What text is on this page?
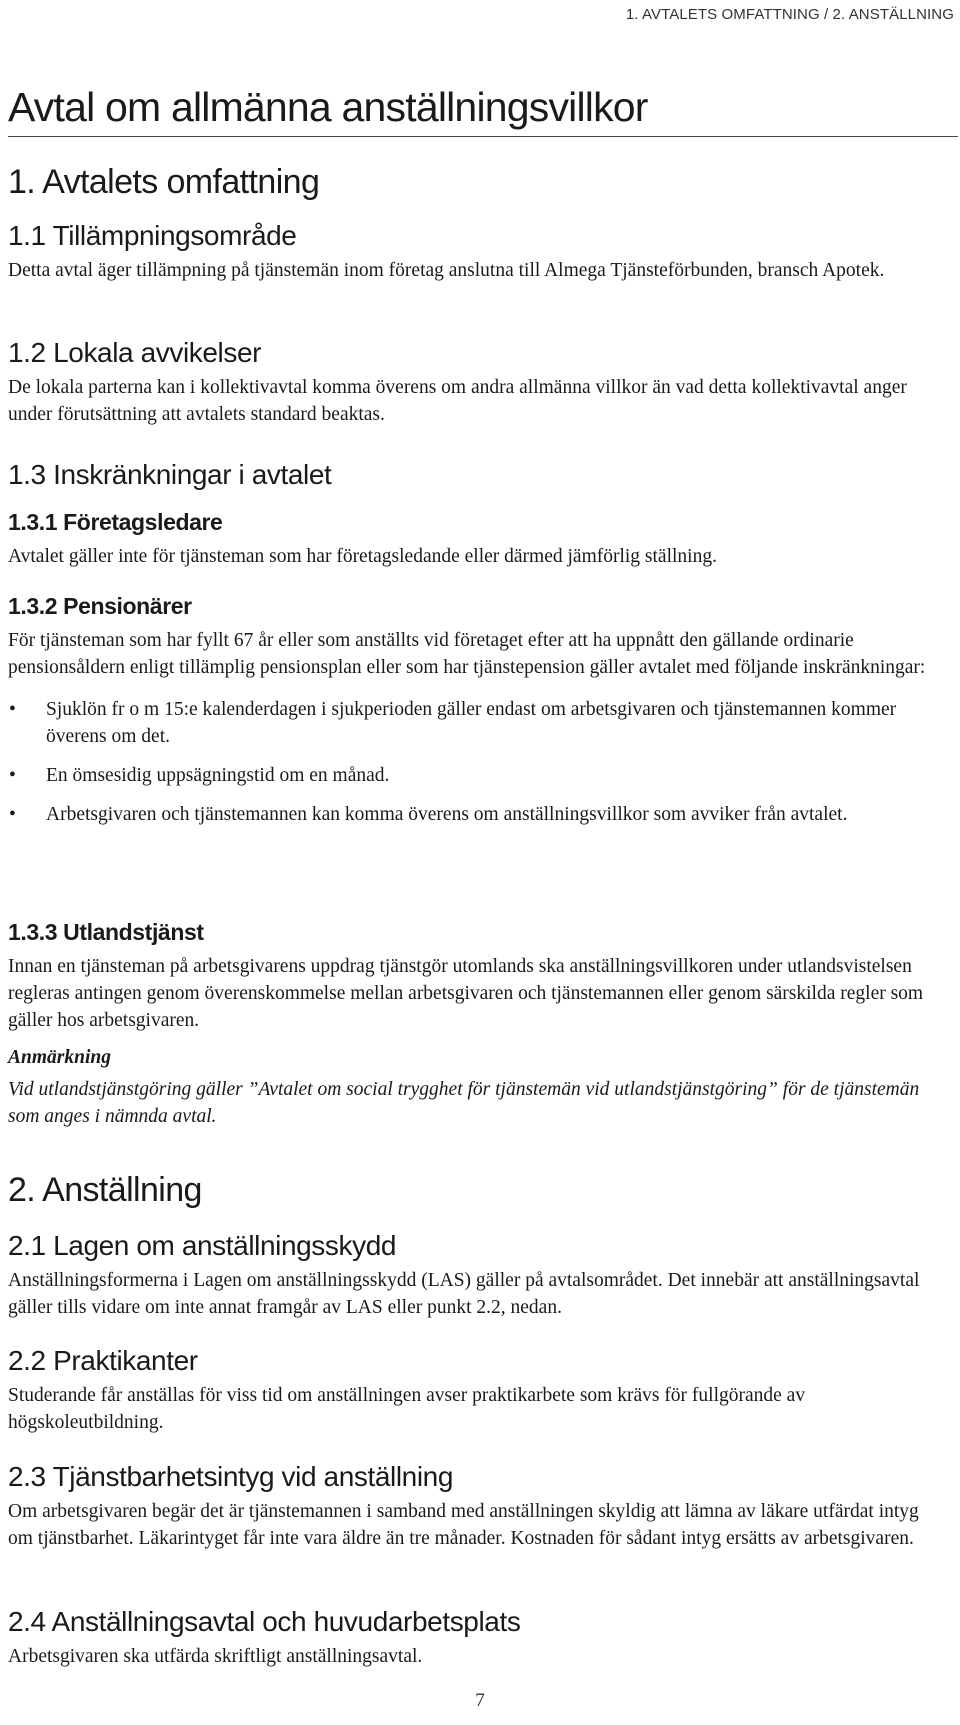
1. AVTALETS OMFATTNING / 2. ANSTÄLLNING
Avtal om allmänna anställningsvillkor
1. Avtalets omfattning
1.1 Tillämpningsområde

Detta avtal äger tillämpning på tjänstemän inom företag anslutna till Almega Tjänsteförbunden, bransch Apotek.

1.2 Lokala avvikelser

De lokala parterna kan i kollektivavtal komma överens om andra allmänna villkor än vad detta kollektivavtal anger under förutsättning att avtalets standard beaktas.

1.3 Inskränkningar i avtalet
1.3.1 Företagsledare

Avtalet gäller inte för tjänsteman som har företagsledande eller därmed jämförlig ställning.

1.3.2 Pensionärer

För tjänsteman som har fyllt 67 år eller som anställts vid företaget efter att ha uppnått den gällande ordinarie pensionsåldern enligt tillämplig pensionsplan eller som har tjänstepension gäller avtalet med följande inskränkningar:

• Sjuklön fr o m 15:e kalenderdagen i sjukperioden gäller endast om arbetsgivaren och tjänstemannen kommer överens om det.
• En ömsesidig uppsägningstid om en månad.
• Arbetsgivaren och tjänstemannen kan komma överens om anställningsvillkor som avviker från avtalet.
1.3.3 Utlandstjänst

Innan en tjänsteman på arbetsgivarens uppdrag tjänstgör utomlands ska anställningsvillkoren under utlandsvistelsen regleras antingen genom överenskommelse mellan arbetsgivaren och tjänstemannen eller genom särskilda regler som gäller hos arbetsgivaren.

Anmärkning

Vid utlandstjänstgöring gäller ”Avtalet om social trygghet för tjänstemän vid utlandstjänstgöring” för de tjänstemän som anges i nämnda avtal.

2. Anställning
2.1 Lagen om anställningsskydd

Anställningsformerna i Lagen om anställningsskydd (LAS) gäller på avtalsområdet. Det innebär att anställningsavtal gäller tills vidare om inte annat framgår av LAS eller punkt 2.2, nedan.

2.2 Praktikanter

Studerande får anställas för viss tid om anställningen avser praktikarbete som krävs för fullgörande av högskoleutbildning.

2.3 Tjänstbarhetsintyg vid anställning

Om arbetsgivaren begär det är tjänstemannen i samband med anställningen skyldig att lämna av läkare utfärdat intyg om tjänstbarhet. Läkarintyget får inte vara äldre än tre månader. Kostnaden för sådant intyg ersätts av arbetsgivaren.

2.4 Anställningsavtal och huvudarbetsplats

Arbetsgivaren ska utfärda skriftligt anställningsavtal.

7
